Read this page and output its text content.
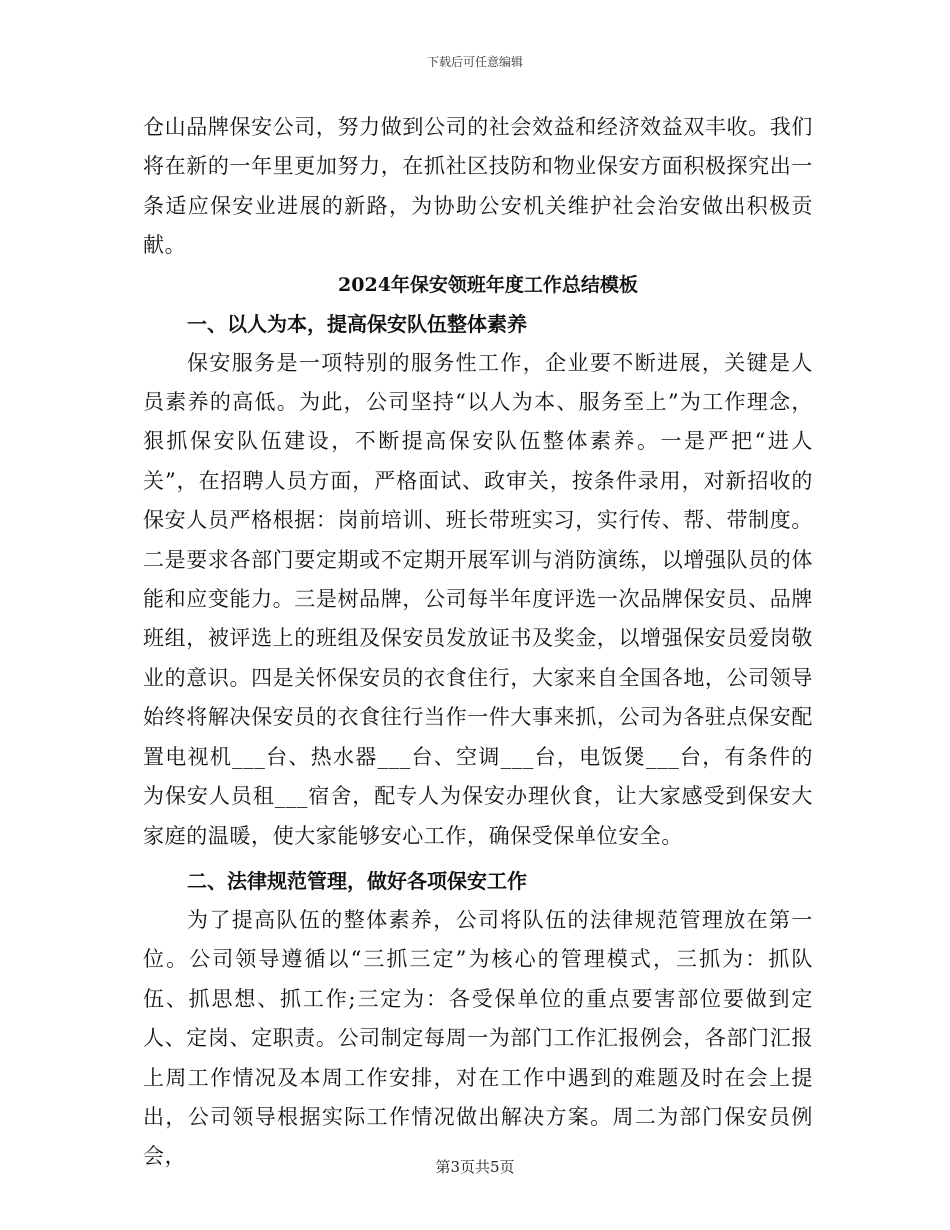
下载后可任意编辑

仓山品牌保安公司，努力做到公司的社会效益和经济效益双丰收。我们将在新的一年里更加努力，在抓社区技防和物业保安方面积极探究出一条适应保安业进展的新路，为协助公安机关维护社会治安做出积极贡献。

2024年保安领班年度工作总结模板

一、以人为本，提高保安队伍整体素养

保安服务是一项特别的服务性工作，企业要不断进展，关键是人员素养的高低。为此，公司坚持“以人为本、服务至上”为工作理念，狠抓保安队伍建设，不断提高保安队伍整体素养。一是严把“进人关”，在招聘人员方面，严格面试、政审关，按条件录用，对新招收的保安人员严格根据：岗前培训、班长带班实习，实行传、帮、带制度。二是要求各部门要定期或不定期开展军训与消防演练，以增强队员的体能和应变能力。三是树品牌，公司每半年度评选一次品牌保安员、品牌班组，被评选上的班组及保安员发放证书及奖金，以增强保安员爱岗敬业的意识。四是关怀保安员的衣食住行，大家来自全国各地，公司领导始终将解决保安员的衣食往行当作一件大事来抓，公司为各驻点保安配置电视机___台、热水器___台、空调___台，电饭煲___台，有条件的为保安人员租___宿舍，配专人为保安办理伙食，让大家感受到保安大家庭的温暖，使大家能够安心工作，确保受保单位安全。

二、法律规范管理，做好各项保安工作

为了提高队伍的整体素养，公司将队伍的法律规范管理放在第一位。公司领导遵循以“三抓三定”为核心的管理模式，三抓为：抓队伍、抓思想、抓工作;三定为：各受保单位的重点要害部位要做到定人、定岗、定职责。公司制定每周一为部门工作汇报例会，各部门汇报上周工作情况及本周工作安排，对在工作中遇到的难题及时在会上提出，公司领导根据实际工作情况做出解决方案。周二为部门保安员例会，	第3页共5页
